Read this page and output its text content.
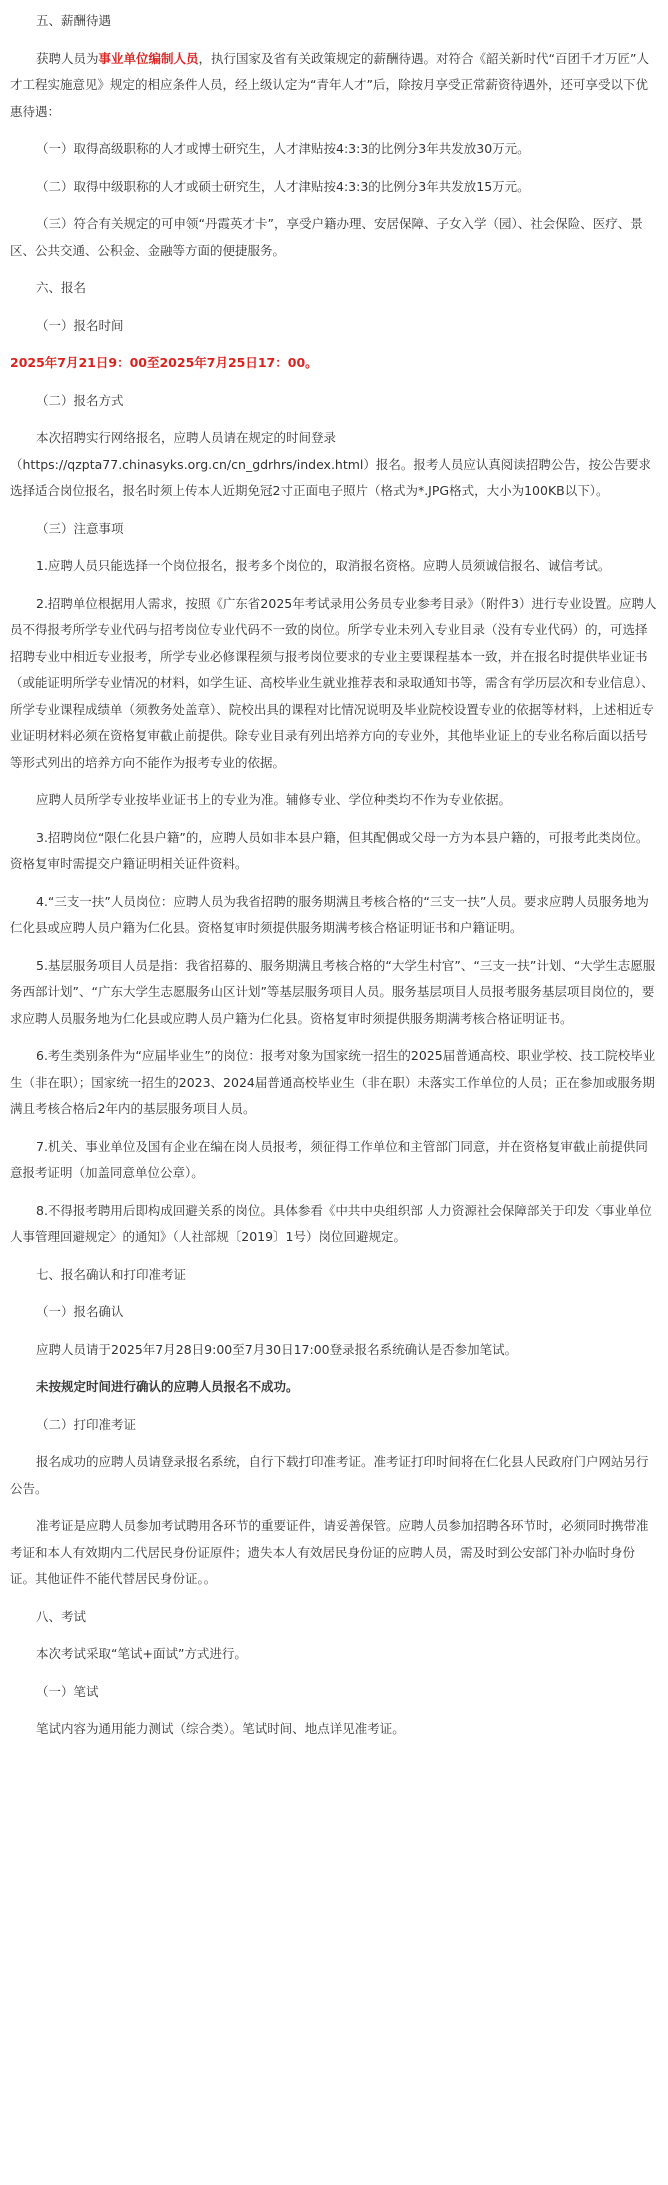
五、薪酬待遇

获聘人员为事业单位编制人员，执行国家及省有关政策规定的薪酬待遇。对符合《韶关新时代“百团千才万匠”人才工程实施意见》规定的相应条件人员，经上级认定为“青年人才”后，除按月享受正常薪资待遇外，还可享受以下优惠待遇：

（一）取得高级职称的人才或博士研究生，人才津贴按4:3:3的比例分3年共发放30万元。

（二）取得中级职称的人才或硕士研究生，人才津贴按4:3:3的比例分3年共发放15万元。

（三）符合有关规定的可申领“丹霞英才卡”，享受户籍办理、安居保障、子女入学（园）、社会保险、医疗、景区、公共交通、公积金、金融等方面的便捷服务。

六、报名

（一）报名时间

2025年7月21日9：00至2025年7月25日17：00。

（二）报名方式

本次招聘实行网络报名，应聘人员请在规定的时间登录（https://qzpta77.chinasyks.org.cn/cn_gdrhrs/index.html）报名。报考人员应认真阅读招聘公告，按公告要求选择适合岗位报名，报名时须上传本人近期免冠2寸正面电子照片（格式为*.JPG格式，大小为100KB以下）。

（三）注意事项

1.应聘人员只能选择一个岗位报名，报考多个岗位的，取消报名资格。应聘人员须诚信报名、诚信考试。

2.招聘单位根据用人需求，按照《广东省2025年考试录用公务员专业参考目录》（附件3）进行专业设置。应聘人员不得报考所学专业代码与招考岗位专业代码不一致的岗位。所学专业未列入专业目录（没有专业代码）的，可选择招聘专业中相近专业报考，所学专业必修课程须与报考岗位要求的专业主要课程基本一致，并在报名时提供毕业证书（或能证明所学专业情况的材料，如学生证、高校毕业生就业推荐表和录取通知书等，需含有学历层次和专业信息）、所学专业课程成绩单（须教务处盖章）、院校出具的课程对比情况说明及毕业院校设置专业的依据等材料，上述相近专业证明材料必须在资格复审截止前提供。除专业目录有列出培养方向的专业外，其他毕业证上的专业名称后面以括号等形式列出的培养方向不能作为报考专业的依据。

应聘人员所学专业按毕业证书上的专业为准。辅修专业、学位种类均不作为专业依据。

3.招聘岗位“限仁化县户籍”的，应聘人员如非本县户籍，但其配偶或父母一方为本县户籍的，可报考此类岗位。资格复审时需提交户籍证明相关证件资料。

4.“三支一扶”人员岗位：应聘人员为我省招聘的服务期满且考核合格的“三支一扶”人员。要求应聘人员服务地为仁化县或应聘人员户籍为仁化县。资格复审时须提供服务期满考核合格证明证书和户籍证明。

5.基层服务项目人员是指：我省招募的、服务期满且考核合格的“大学生村官”、“三支一扶”计划、“大学生志愿服务西部计划”、“广东大学生志愿服务山区计划”等基层服务项目人员。服务基层项目人员报考服务基层项目岗位的，要求应聘人员服务地为仁化县或应聘人员户籍为仁化县。资格复审时须提供服务期满考核合格证明证书。

6.考生类别条件为“应届毕业生”的岗位：报考对象为国家统一招生的2025届普通高校、职业学校、技工院校毕业生（非在职）；国家统一招生的2023、2024届普通高校毕业生（非在职）未落实工作单位的人员；正在参加或服务期满且考核合格后2年内的基层服务项目人员。

7.机关、事业单位及国有企业在编在岗人员报考，须征得工作单位和主管部门同意，并在资格复审截止前提供同意报考证明（加盖同意单位公章）。

8.不得报考聘用后即构成回避关系的岗位。具体参看《中共中央组织部 人力资源社会保障部关于印发〈事业单位人事管理回避规定〉的通知》（人社部规〔2019〕1号）岗位回避规定。

七、报名确认和打印准考证

（一）报名确认

应聘人员请于2025年7月28日9:00至7月30日17:00登录报名系统确认是否参加笔试。

未按规定时间进行确认的应聘人员报名不成功。

（二）打印准考证

报名成功的应聘人员请登录报名系统，自行下载打印准考证。准考证打印时间将在仁化县人民政府门户网站另行公告。

准考证是应聘人员参加考试聘用各环节的重要证件，请妥善保管。应聘人员参加招聘各环节时，必须同时携带准考证和本人有效期内二代居民身份证原件；遗失本人有效居民身份证的应聘人员，需及时到公安部门补办临时身份证。其他证件不能代替居民身份证。。

八、考试

本次考试采取“笔试+面试”方式进行。

（一）笔试

笔试内容为通用能力测试（综合类）。笔试时间、地点详见准考证。
